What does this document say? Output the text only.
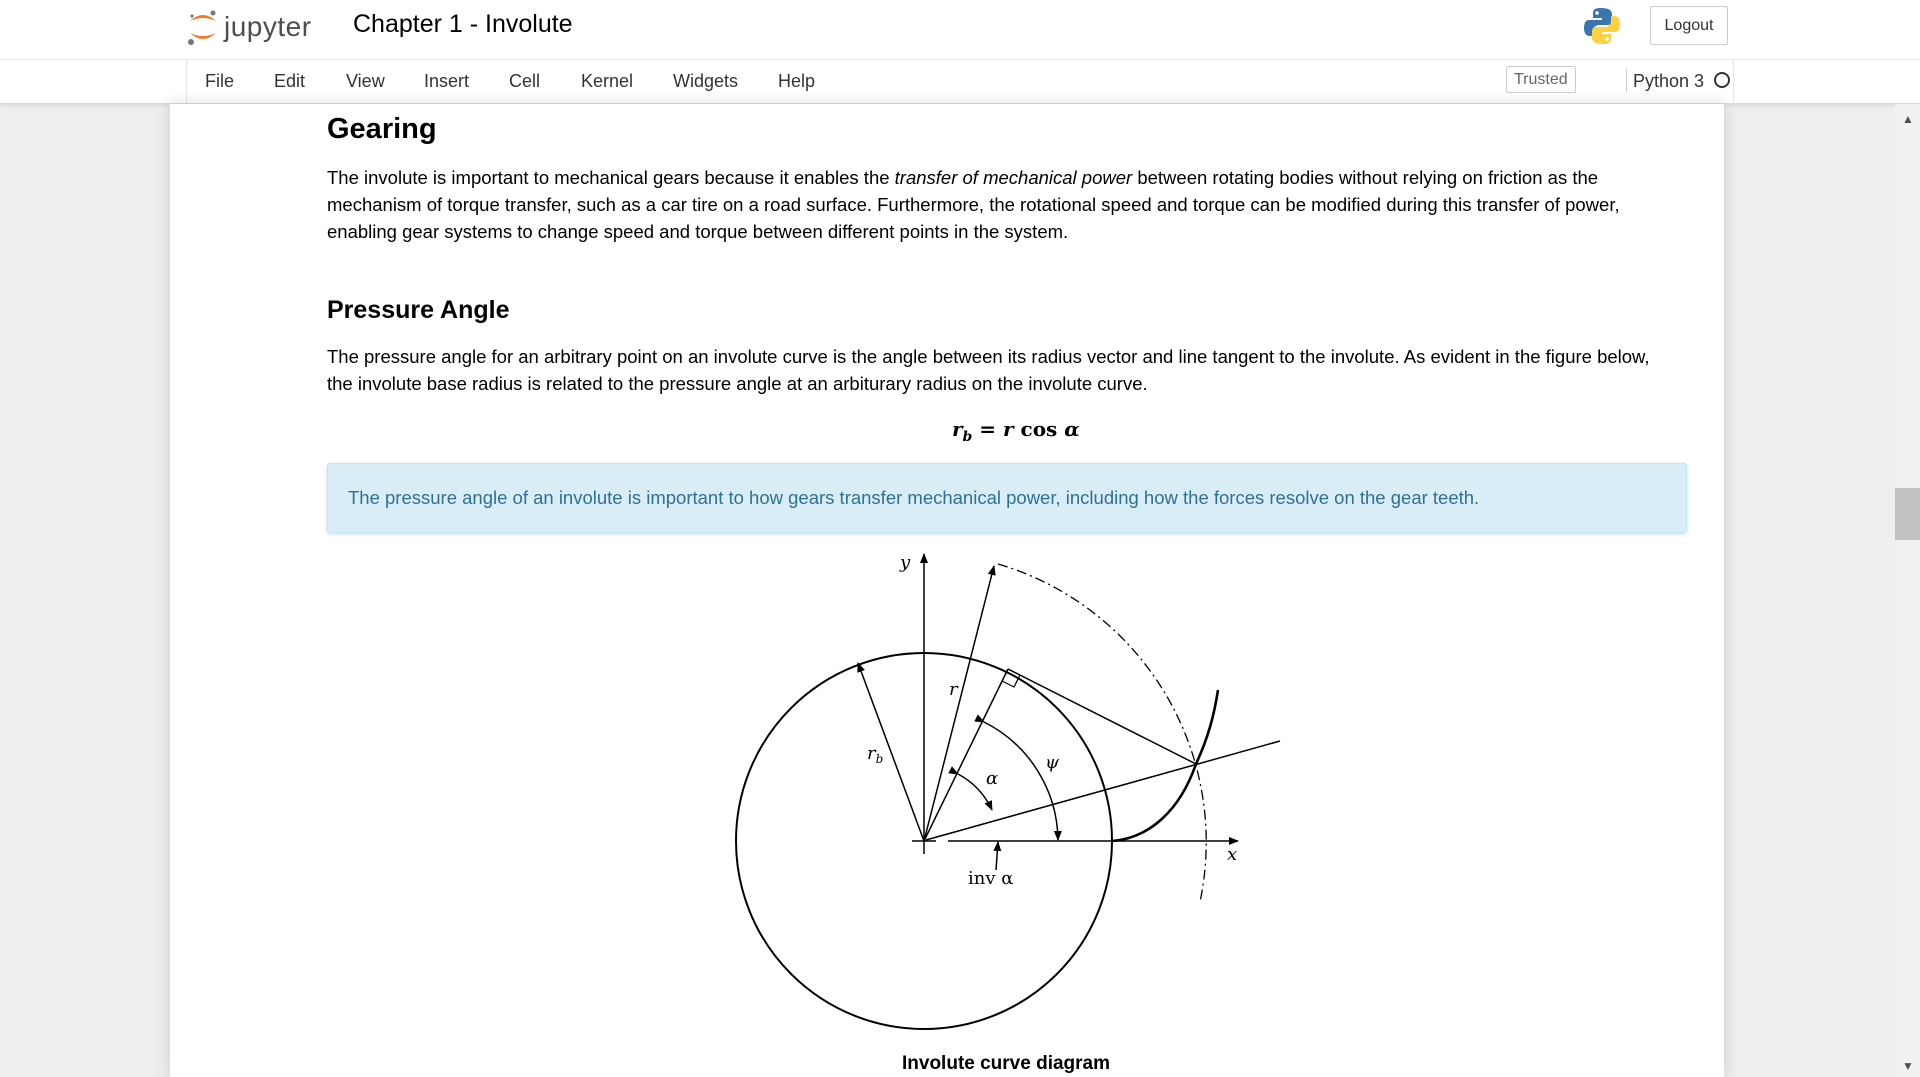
jupyter Chapter 1 - Involute	Logout
File Edit View Insert Cell Kernel Widgets Help	Trusted	Python 3
Gearing
The involute is important to mechanical gears because it enables the transfer of mechanical power between rotating bodies without relying on friction as the mechanism of torque transfer, such as a car tire on a road surface. Furthermore, the rotational speed and torque can be modified during this transfer of power, enabling gear systems to change speed and torque between different points in the system.
Pressure Angle
The pressure angle for an arbitrary point on an involute curve is the angle between its radius vector and line tangent to the involute. As evident in the figure below, the involute base radius is related to the pressure angle at an arbiturary radius on the involute curve.
$r_b = r$ cos α
The pressure angle of an involute is important to how gears transfer mechanical power, including how the forces resolve on the gear teeth.
y
x
r
$r_b$
α
ψ
inv α
Involute curve diagram
▲
▼
